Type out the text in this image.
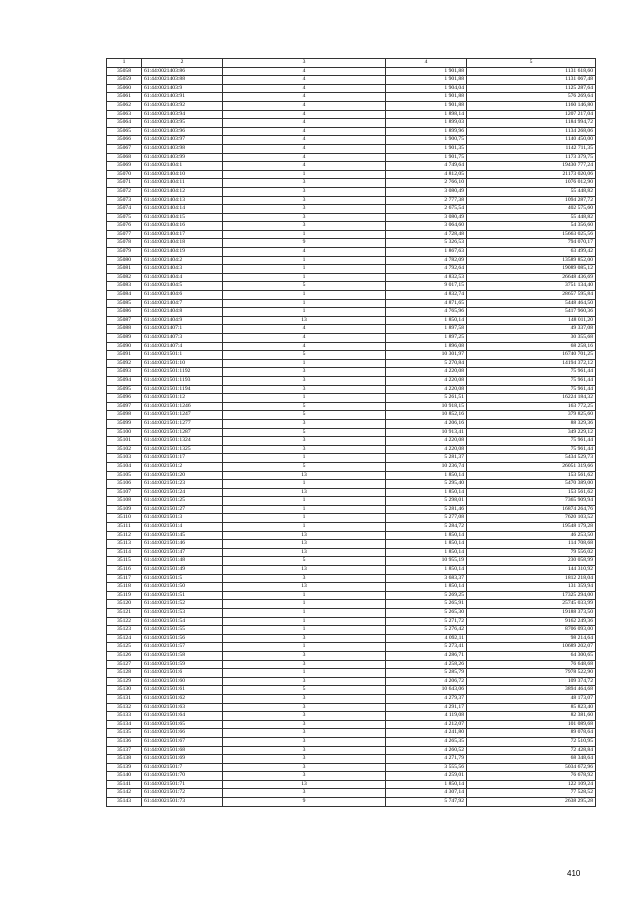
1	2	3	4	5
35058	61:44:0021403:86	4	1 901,88	1131 618,60
35059	61:44:0021403:88	4	1 901,88	1131 067,48
35060	61:44:0021403:9	4	1 904,04	1125 287,64
35061	61:44:0021403:91	4	1 901,88	576 269,64
35062	61:44:0021403:92	4	1 901,88	1160 146,80
35063	61:44:0021403:94	4	1 898,14	1207 217,04
35064	61:44:0021403:95	4	1 899,03	1184 994,72
35065	61:44:0021403:96	4	1 899,96	1134 268,06
35066	61:44:0021403:97	4	1 900,75	1140 450,00
35067	61:44:0021403:98	4	1 901,35	1142 711,35
35068	61:44:0021403:99	4	1 901,75	1173 379,75
35069	61:44:0021404:1	4	4 749,64	19430 777,24
35070	61:44:0021404:10	1	4 812,05	21173 020,06
35071	61:44:0021404:11	3	2 766,10	1076 012,90
35072	61:44:0021404:12	3	3 080,49	55 448,82
35073	61:44:0021404:13	3	2 777,38	1094 287,72
35074	61:44:0021404:14	3	2 675,54	402 575,60
35075	61:44:0021404:15	3	3 080,49	55 448,82
35076	61:44:0021404:16	3	3 064,60	54 356,60
35077	61:44:0021404:17	1	4 728,48	15663 025,56
35078	61:44:0021404:18	9	5 326,53	794 070,17
35079	61:44:0021404:19	4	1 867,63	63 499,42
35080	61:44:0021404:2	1	4 782,09	13589 852,00
35081	61:44:0021404:3	1	4 792,64	19089 085,12
35082	61:44:0021404:4	1	4 832,53	26648 436,69
35083	61:44:0021404:5	5	9 017,15	3751 134,40
35084	61:44:0021404:6	1	4 832,74	28657 595,84
35085	61:44:0021404:7	1	4 871,65	5448 464,50
35086	61:44:0021404:8	1	4 765,96	5417 960,36
35087	61:44:0021404:9	13	1 850,14	148 011,20
35088	61:44:0021407:1	4	1 897,58	49 337,08
35089	61:44:0021407:3	4	1 897,25	30 355,68
35090	61:44:0021407:4	4	1 896,08	68 258,16
35091	61:44:0021501:1	5	10 301,97	16740 701,25
35092	61:44:0021501:10	1	5 270,84	14194 372,12
35093	61:44:0021501:1192	3	4 220,08	75 961,44
35094	61:44:0021501:1193	3	4 220,08	75 961,44
35095	61:44:0021501:1194	3	4 220,08	75 961,44
35096	61:44:0021501:12	1	5 261,51	16224 184,32
35097	61:44:0021501:1246	5	10 918,15	163 772,25
35098	61:44:0021501:1247	5	10 852,16	379 825,60
35099	61:44:0021501:1277	3	4 206,16	88 329,36
35100	61:44:0021501:1287	5	10 913,41	349 229,12
35101	61:44:0021501:1324	3	4 220,08	75 961,44
35102	61:44:0021501:1325	3	4 220,08	75 961,44
35103	61:44:0021501:17	1	5 281,37	5434 529,73
35104	61:44:0021501:2	5	10 236,74	26051 319,66
35105	61:44:0021501:20	13	1 850,14	153 561,62
35106	61:44:0021501:23	1	5 295,40	5470 389,00
35107	61:44:0021501:24	13	1 850,14	153 561,62
35108	61:44:0021501:25	1	5 298,01	7365 909,94
35109	61:44:0021501:27	1	5 281,46	16874 264,76
35110	61:44:0021501:3	1	5 277,08	7620 103,52
35111	61:44:0021501:4	1	5 284,72	19548 179,28
35112	61:44:0021501:45	13	1 850,14	46 253,50
35113	61:44:0021501:46	13	1 850,14	114 708,68
35114	61:44:0021501:47	13	1 850,14	79 556,02
35115	61:44:0021501:48	5	10 955,19	230 058,99
35116	61:44:0021501:49	13	1 850,14	144 310,92
35117	61:44:0021501:5	3	3 683,37	1812 218,04
35118	61:44:0021501:50	13	1 850,14	131 359,94
35119	61:44:0021501:51	1	5 269,25	17325 294,00
35120	61:44:0021501:52	1	5 265,91	25745 033,99
35121	61:44:0021501:53	1	5 265,30	19188 373,50
35122	61:44:0021501:54	1	5 271,72	9162 249,36
35123	61:44:0021501:55	1	5 276,42	8706 093,00
35124	61:44:0021501:56	3	4 092,11	98 214,64
35125	61:44:0021501:57	1	5 273,41	10689 202,07
35126	61:44:0021501:58	3	4 286,71	64 300,65
35127	61:44:0021501:59	3	4 258,26	76 648,68
35128	61:44:0021501:6	1	5 285,79	7978 522,90
35129	61:44:0021501:60	3	4 206,72	109 374,72
35130	61:44:0021501:61	5	10 643,06	3894 464,68
35131	61:44:0021501:62	3	4 279,37	48 173,07
35132	61:44:0021501:63	3	4 291,17	85 823,40
35133	61:44:0021501:64	3	4 119,08	82 381,60
35134	61:44:0021501:65	3	4 212,07	101 089,68
35135	61:44:0021501:66	3	4 241,80	89 078,64
35136	61:44:0021501:67	3	4 265,35	72 510,95
35137	61:44:0021501:68	3	4 260,52	72 428,84
35138	61:44:0021501:69	3	4 271,79	68 348,64
35139	61:44:0021501:7	3	3 555,56	5034 672,96
35140	61:44:0021501:70	3	4 259,01	76 678,92
35141	61:44:0021501:71	13	1 850,14	122 109,24
35142	61:44:0021501:72	3	4 307,14	77 528,52
35143	61:44:0021501:73	9	5 747,92	2638 295,28
410
